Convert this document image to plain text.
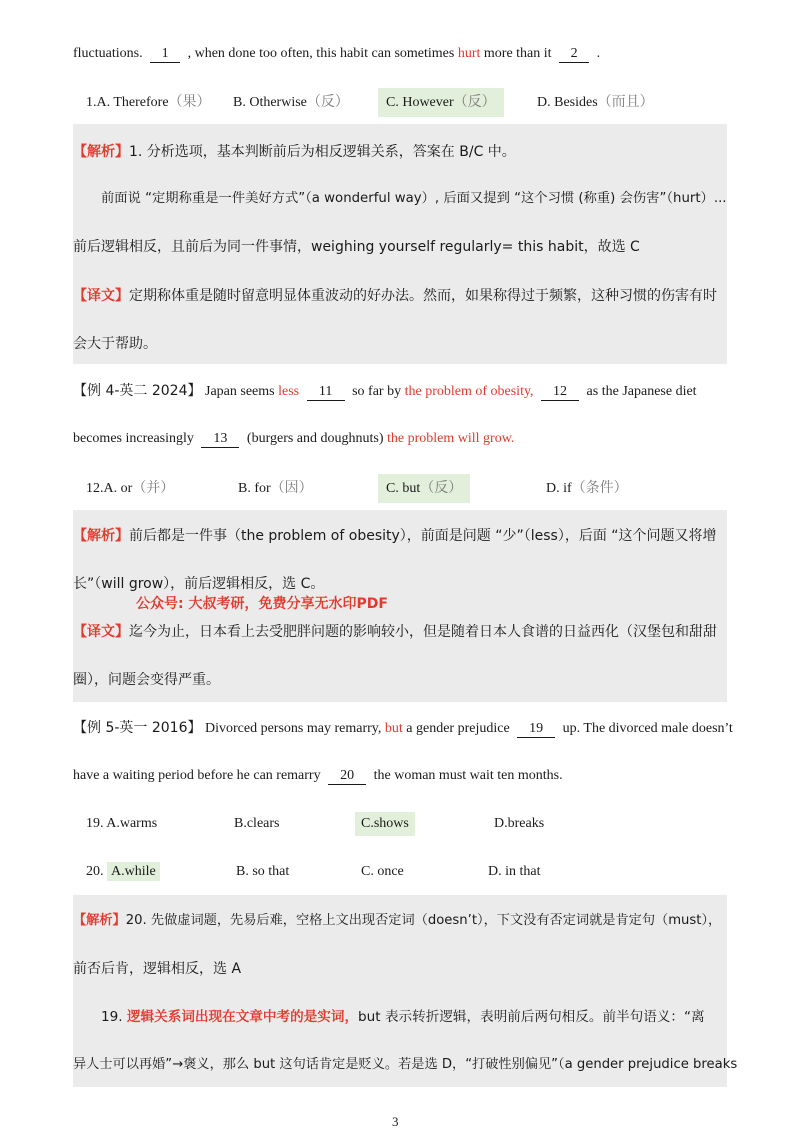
fluctuations. 1 , when done too often, this habit can sometimes hurt more than it 2 .
1.A. Therefore（果） B. Otherwise（反）	C. However（反）	D. Besides（而且）
【解析】1. 分析选项，基本判断前后为相反逻辑关系，答案在 B/C 中。
前面说 “定期称重是一件美好方式”（a wonderful way）, 后面又提到 “这个习惯 (称重) 会伤害”（hurt）...
前后逻辑相反，且前后为同一件事情，weighing yourself regularly= this habit，故选 C
【译文】定期称体重是随时留意明显体重波动的好办法。然而，如果称得过于频繁，这种习惯的伤害有时
会大于帮助。
【例 4-英二 2024】 Japan seems less 11 so far by the problem of obesity, 12 as the Japanese diet
becomes increasingly 13 (burgers and doughnuts) the problem will grow.
12.A. or（并）	B. for（因）	C. but（反）	D. if（条件）
【解析】前后都是一件事（the problem of obesity），前面是问题 “少”（less），后面 “这个问题又将增
长”（will grow），前后逻辑相反，选 C。
公众号: 大叔考研，免费分享无水印PDF
【译文】迄今为止，日本看上去受肥胖问题的影响较小，但是随着日本人食谱的日益西化（汉堡包和甜甜
圈），问题会变得严重。
【例 5-英一 2016】 Divorced persons may remarry, but a gender prejudice 19 up. The divorced male doesn’t
have a waiting period before he can remarry 20 the woman must wait ten months.
19. A.warms	B.clears	C.shows	D.breaks
20. A.while	B. so that	C. once	D. in that
【解析】20. 先做虚词题，先易后难，空格上文出现否定词（doesn’t），下文没有否定词就是肯定句（must），
前否后肯，逻辑相反，选 A
19. 逻辑关系词出现在文章中考的是实词，but 表示转折逻辑，表明前后两句相反。前半句语义：“离
异人士可以再婚”→褒义，那么 but 这句话肯定是贬义。若是选 D，“打破性别偏见”（a gender prejudice breaks
3
